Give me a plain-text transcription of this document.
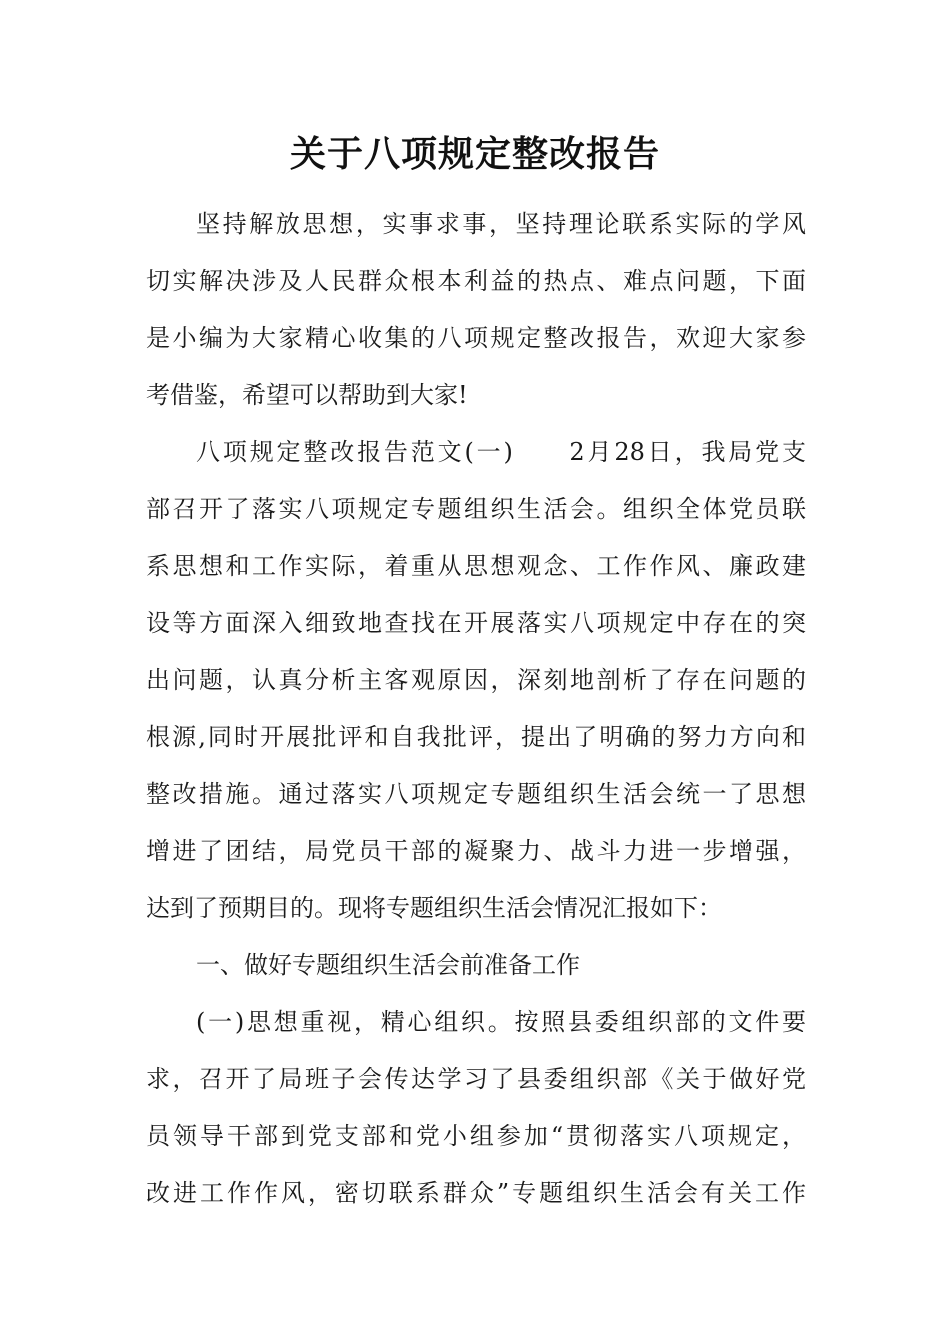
关于八项规定整改报告
坚持解放思想，实事求事，坚持理论联系实际的学风
切实解决涉及人民群众根本利益的热点、难点问题，下面
是小编为大家精心收集的八项规定整改报告，欢迎大家参
考借鉴，希望可以帮助到大家!
八项规定整改报告范文(一)　　2月28日，我局党支
部召开了落实八项规定专题组织生活会。组织全体党员联
系思想和工作实际，着重从思想观念、工作作风、廉政建
设等方面深入细致地查找在开展落实八项规定中存在的突
出问题，认真分析主客观原因，深刻地剖析了存在问题的
根源,同时开展批评和自我批评，提出了明确的努力方向和
整改措施。通过落实八项规定专题组织生活会统一了思想
增进了团结，局党员干部的凝聚力、战斗力进一步增强，
达到了预期目的。现将专题组织生活会情况汇报如下：
一、做好专题组织生活会前准备工作
(一)思想重视，精心组织。按照县委组织部的文件要
求，召开了局班子会传达学习了县委组织部《关于做好党
员领导干部到党支部和党小组参加“贯彻落实八项规定，
改进工作作风，密切联系群众”专题组织生活会有关工作
